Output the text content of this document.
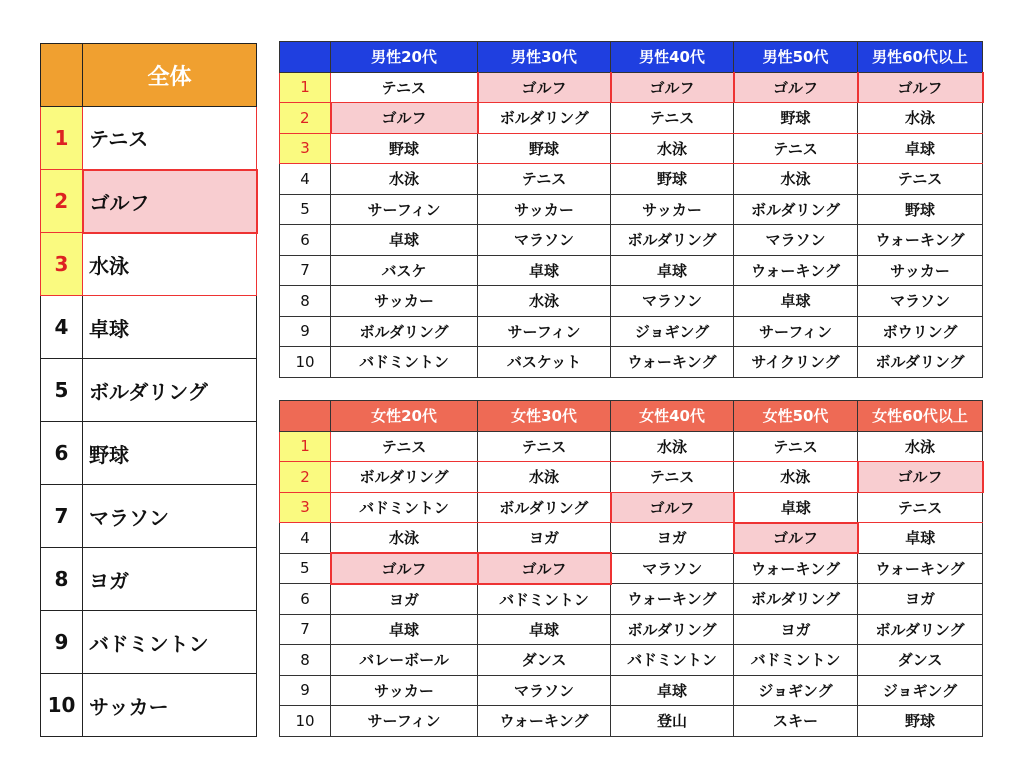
	全体
1	テニス
2	ゴルフ
3	水泳
4	卓球
5	ボルダリング
6	野球
7	マラソン
8	ヨガ
9	バドミントン
10	サッカー
	男性20代	男性30代	男性40代	男性50代	男性60代以上
1	テニス	ゴルフ	ゴルフ	ゴルフ	ゴルフ
2	ゴルフ	ボルダリング	テニス	野球	水泳
3	野球	野球	水泳	テニス	卓球
4	水泳	テニス	野球	水泳	テニス
5	サーフィン	サッカー	サッカー	ボルダリング	野球
6	卓球	マラソン	ボルダリング	マラソン	ウォーキング
7	バスケ	卓球	卓球	ウォーキング	サッカー
8	サッカー	水泳	マラソン	卓球	マラソン
9	ボルダリング	サーフィン	ジョギング	サーフィン	ボウリング
10	バドミントン	バスケット	ウォーキング	サイクリング	ボルダリング
	女性20代	女性30代	女性40代	女性50代	女性60代以上
1	テニス	テニス	水泳	テニス	水泳
2	ボルダリング	水泳	テニス	水泳	ゴルフ
3	バドミントン	ボルダリング	ゴルフ	卓球	テニス
4	水泳	ヨガ	ヨガ	ゴルフ	卓球
5	ゴルフ	ゴルフ	マラソン	ウォーキング	ウォーキング
6	ヨガ	バドミントン	ウォーキング	ボルダリング	ヨガ
7	卓球	卓球	ボルダリング	ヨガ	ボルダリング
8	バレーボール	ダンス	バドミントン	バドミントン	ダンス
9	サッカー	マラソン	卓球	ジョギング	ジョギング
10	サーフィン	ウォーキング	登山	スキー	野球
